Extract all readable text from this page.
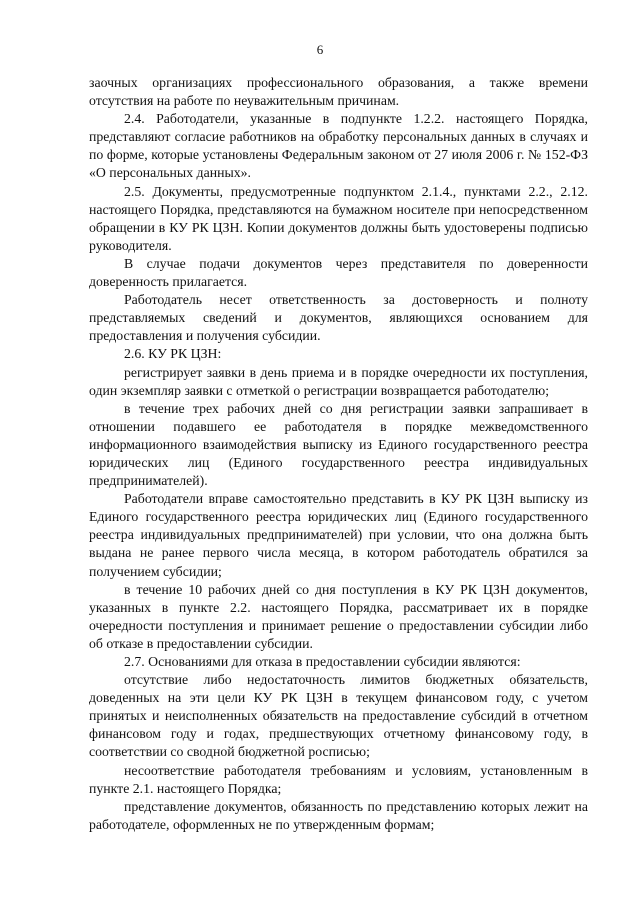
6

заочных организациях профессионального образования, а также времени отсутствия на работе по неуважительным причинам.

2.4. Работодатели, указанные в подпункте 1.2.2. настоящего Порядка, представляют согласие работников на обработку персональных данных в случаях и по форме, которые установлены Федеральным законом от 27 июля 2006 г. № 152-ФЗ «О персональных данных».

2.5. Документы, предусмотренные подпунктом 2.1.4., пунктами 2.2., 2.12. настоящего Порядка, представляются на бумажном носителе при непосредственном обращении в КУ РК ЦЗН. Копии документов должны быть удостоверены подписью руководителя.

В случае подачи документов через представителя по доверенности доверенность прилагается.

Работодатель несет ответственность за достоверность и полноту представляемых сведений и документов, являющихся основанием для предоставления и получения субсидии.

2.6. КУ РК ЦЗН:

регистрирует заявки в день приема и в порядке очередности их поступления, один экземпляр заявки с отметкой о регистрации возвращается работодателю;

в течение трех рабочих дней со дня регистрации заявки запрашивает в отношении подавшего ее работодателя в порядке межведомственного информационного взаимодействия выписку из Единого государственного реестра юридических лиц (Единого государственного реестра индивидуальных предпринимателей).

Работодатели вправе самостоятельно представить в КУ РК ЦЗН выписку из Единого государственного реестра юридических лиц (Единого государственного реестра индивидуальных предпринимателей) при условии, что она должна быть выдана не ранее первого числа месяца, в котором работодатель обратился за получением субсидии;

в течение 10 рабочих дней со дня поступления в КУ РК ЦЗН документов, указанных в пункте 2.2. настоящего Порядка, рассматривает их в порядке очередности поступления и принимает решение о предоставлении субсидии либо об отказе в предоставлении субсидии.

2.7. Основаниями для отказа в предоставлении субсидии являются:

отсутствие либо недостаточность лимитов бюджетных обязательств, доведенных на эти цели КУ РК ЦЗН в текущем финансовом году, с учетом принятых и неисполненных обязательств на предоставление субсидий в отчетном финансовом году и годах, предшествующих отчетному финансовому году, в соответствии со сводной бюджетной росписью;

несоответствие работодателя требованиям и условиям, установленным в пункте 2.1. настоящего Порядка;

представление документов, обязанность по представлению которых лежит на работодателе, оформленных не по утвержденным формам;
